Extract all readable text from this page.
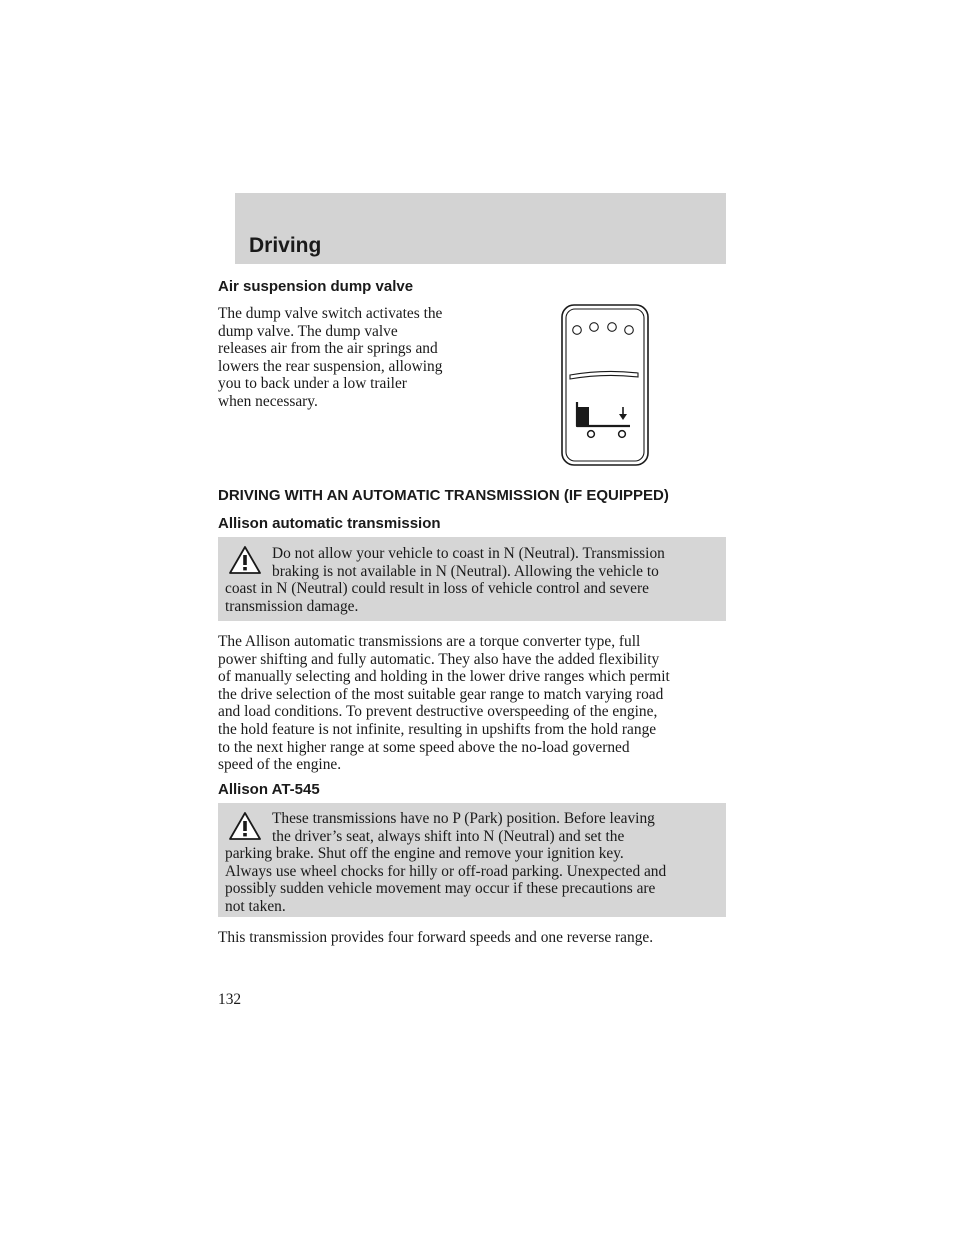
Driving
Air suspension dump valve
The dump valve switch activates the
dump valve. The dump valve
releases air from the air springs and
lowers the rear suspension, allowing
you to back under a low trailer
when necessary.
DRIVING WITH AN AUTOMATIC TRANSMISSION (IF EQUIPPED)
Allison automatic transmission
Do not allow your vehicle to coast in N (Neutral). Transmission
braking is not available in N (Neutral). Allowing the vehicle to
coast in N (Neutral) could result in loss of vehicle control and severe
transmission damage.
The Allison automatic transmissions are a torque converter type, full
power shifting and fully automatic. They also have the added flexibility
of manually selecting and holding in the lower drive ranges which permit
the drive selection of the most suitable gear range to match varying road
and load conditions. To prevent destructive overspeeding of the engine,
the hold feature is not infinite, resulting in upshifts from the hold range
to the next higher range at some speed above the no-load governed
speed of the engine.
Allison AT-545
These transmissions have no P (Park) position. Before leaving
the driver’s seat, always shift into N (Neutral) and set the
parking brake. Shut off the engine and remove your ignition key.
Always use wheel chocks for hilly or off-road parking. Unexpected and
possibly sudden vehicle movement may occur if these precautions are
not taken.
This transmission provides four forward speeds and one reverse range.
132
